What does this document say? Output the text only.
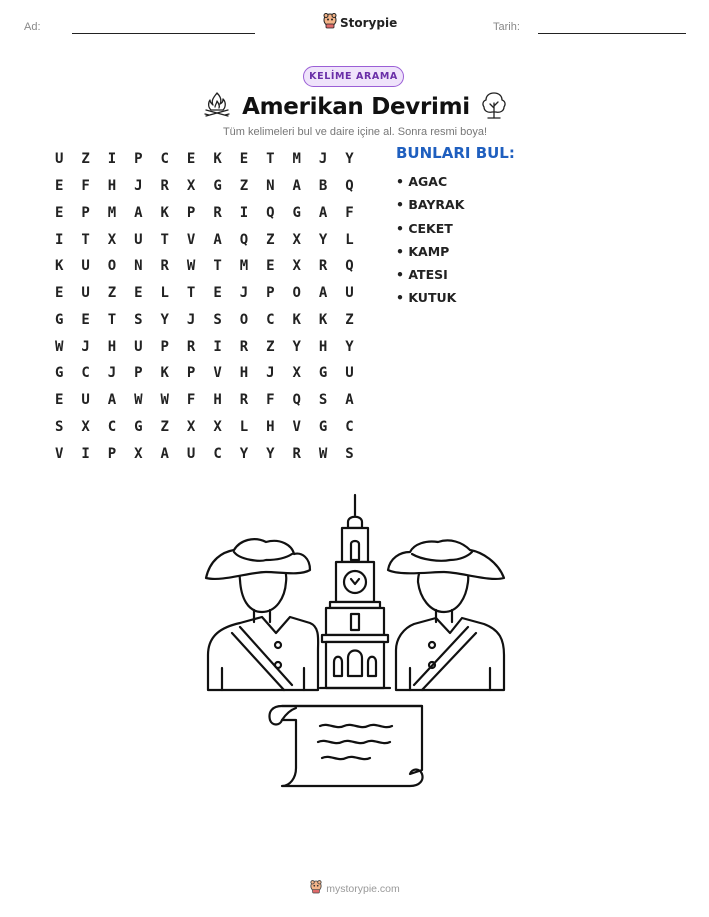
Ad:	Storypie	Tarih:
KELİME ARAMA
Amerikan Devrimi
Tüm kelimeleri bul ve daire içine al. Sonra resmi boya!
U	Z	I	P	C	E	K	E	T	M	J	Y
E	F	H	J	R	X	G	Z	N	A	B	Q
E	P	M	A	K	P	R	I	Q	G	A	F
I	T	X	U	T	V	A	Q	Z	X	Y	L
K	U	O	N	R	W	T	M	E	X	R	Q
E	U	Z	E	L	T	E	J	P	O	A	U
G	E	T	S	Y	J	S	O	C	K	K	Z
W	J	H	U	P	R	I	R	Z	Y	H	Y
G	C	J	P	K	P	V	H	J	X	G	U
E	U	A	W	W	F	H	R	F	Q	S	A
S	X	C	G	Z	X	X	L	H	V	G	C
V	I	P	X	A	U	C	Y	Y	R	W	S
BUNLARI BUL:
• AGAC
• BAYRAK
• CEKET
• KAMP
• ATESI
• KUTUK
mystorypie.com
